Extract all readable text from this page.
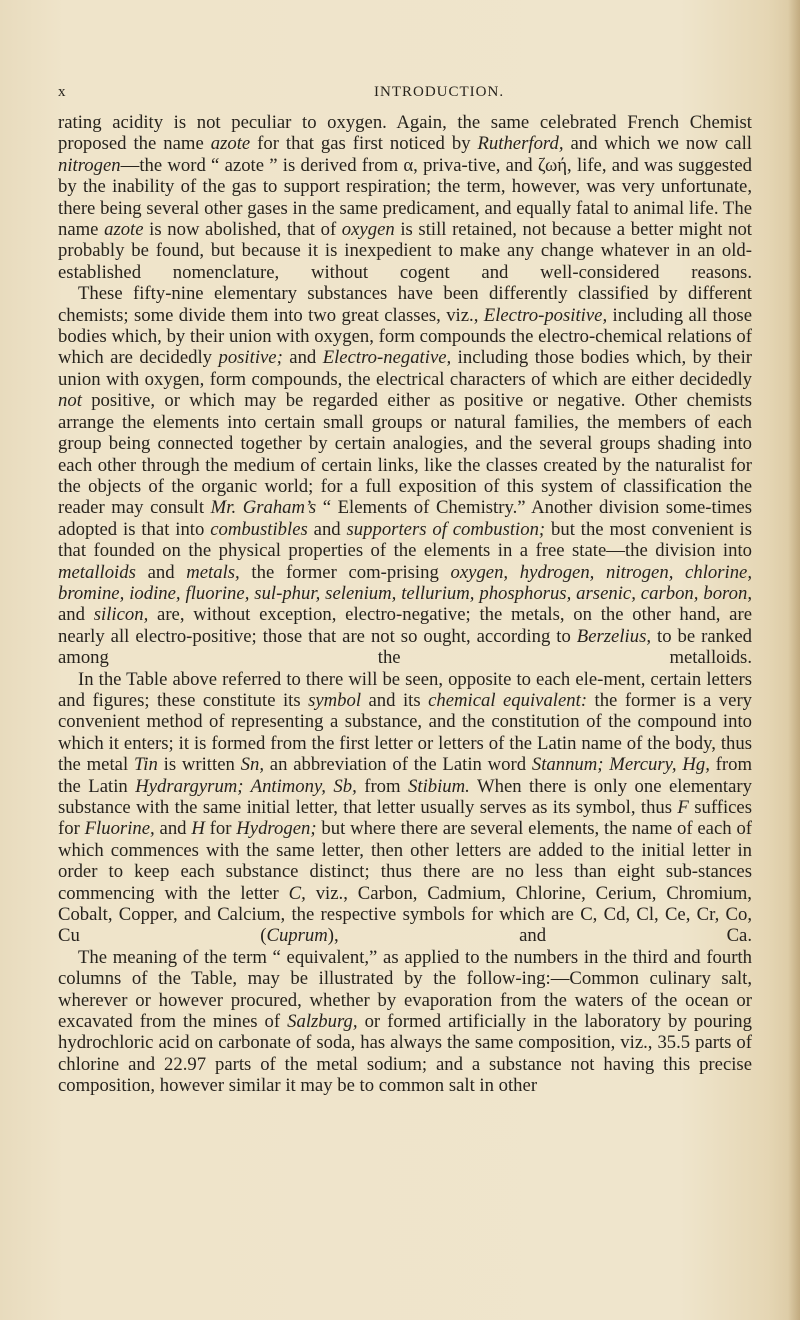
x	INTRODUCTION.

rating acidity is not peculiar to oxygen. Again, the same celebrated French Chemist proposed the name azote for that gas first noticed by Rutherford, and which we now call nitrogen—the word “ azote ” is derived from α, priva-tive, and ζωή, life, and was suggested by the inability of the gas to support respiration; the term, however, was very unfortunate, there being several other gases in the same predicament, and equally fatal to animal life. The name azote is now abolished, that of oxygen is still retained, not because a better might not probably be found, but because it is inexpedient to make any change whatever in an old-established nomenclature, without cogent and well-considered reasons.

These fifty-nine elementary substances have been differently classified by different chemists; some divide them into two great classes, viz., Electro-positive, including all those bodies which, by their union with oxygen, form compounds the electro-chemical relations of which are decidedly positive; and Electro-negative, including those bodies which, by their union with oxygen, form compounds, the electrical characters of which are either decidedly not positive, or which may be regarded either as positive or negative. Other chemists arrange the elements into certain small groups or natural families, the members of each group being connected together by certain analogies, and the several groups shading into each other through the medium of certain links, like the classes created by the naturalist for the objects of the organic world; for a full exposition of this system of classification the reader may consult Mr. Graham’s “ Elements of Chemistry.” Another division some-times adopted is that into combustibles and supporters of combustion; but the most convenient is that founded on the physical properties of the elements in a free state—the division into metalloids and metals, the former com-prising oxygen, hydrogen, nitrogen, chlorine, bromine, iodine, fluorine, sul-phur, selenium, tellurium, phosphorus, arsenic, carbon, boron, and silicon, are, without exception, electro-negative; the metals, on the other hand, are nearly all electro-positive; those that are not so ought, according to Berzelius, to be ranked among the metalloids.

In the Table above referred to there will be seen, opposite to each ele-ment, certain letters and figures; these constitute its symbol and its chemical equivalent: the former is a very convenient method of representing a substance, and the constitution of the compound into which it enters; it is formed from the first letter or letters of the Latin name of the body, thus the metal Tin is written Sn, an abbreviation of the Latin word Stannum; Mercury, Hg, from the Latin Hydrargyrum; Antimony, Sb, from Stibium. When there is only one elementary substance with the same initial letter, that letter usually serves as its symbol, thus F suffices for Fluorine, and H for Hydrogen; but where there are several elements, the name of each of which commences with the same letter, then other letters are added to the initial letter in order to keep each substance distinct; thus there are no less than eight sub-stances commencing with the letter C, viz., Carbon, Cadmium, Chlorine, Cerium, Chromium, Cobalt, Copper, and Calcium, the respective symbols for which are C, Cd, Cl, Ce, Cr, Co, Cu (Cuprum), and Ca.

The meaning of the term “ equivalent,” as applied to the numbers in the third and fourth columns of the Table, may be illustrated by the follow-ing:—Common culinary salt, wherever or however procured, whether by evaporation from the waters of the ocean or excavated from the mines of Salzburg, or formed artificially in the laboratory by pouring hydrochloric acid on carbonate of soda, has always the same composition, viz., 35.5 parts of chlorine and 22.97 parts of the metal sodium; and a substance not having this precise composition, however similar it may be to common salt in other
